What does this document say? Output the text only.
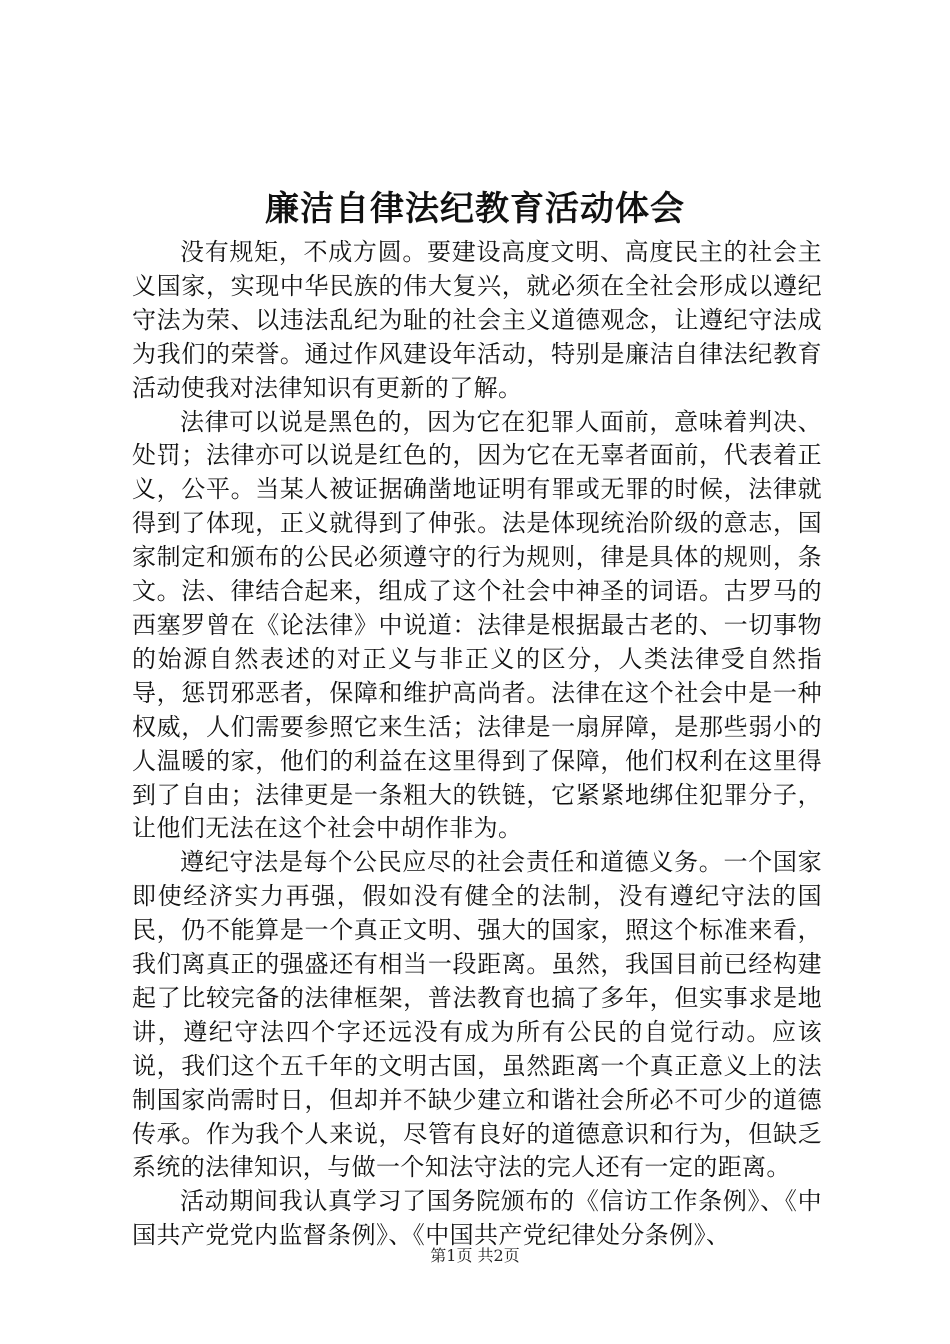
廉洁自律法纪教育活动体会

没有规矩，不成方圆。要建设高度文明、高度民主的社会主义国家，实现中华民族的伟大复兴，就必须在全社会形成以遵纪守法为荣、以违法乱纪为耻的社会主义道德观念，让遵纪守法成为我们的荣誉。通过作风建设年活动，特别是廉洁自律法纪教育活动使我对法律知识有更新的了解。

法律可以说是黑色的，因为它在犯罪人面前，意味着判决、处罚；法律亦可以说是红色的，因为它在无辜者面前，代表着正义，公平。当某人被证据确凿地证明有罪或无罪的时候，法律就得到了体现，正义就得到了伸张。法是体现统治阶级的意志，国家制定和颁布的公民必须遵守的行为规则，律是具体的规则，条文。法、律结合起来，组成了这个社会中神圣的词语。古罗马的西塞罗曾在《论法律》中说道：法律是根据最古老的、一切事物的始源自然表述的对正义与非正义的区分，人类法律受自然指导，惩罚邪恶者，保障和维护高尚者。法律在这个社会中是一种权威，人们需要参照它来生活；法律是一扇屏障，是那些弱小的人温暖的家，他们的利益在这里得到了保障，他们权利在这里得到了自由；法律更是一条粗大的铁链，它紧紧地绑住犯罪分子，让他们无法在这个社会中胡作非为。

遵纪守法是每个公民应尽的社会责任和道德义务。一个国家即使经济实力再强，假如没有健全的法制，没有遵纪守法的国民，仍不能算是一个真正文明、强大的国家，照这个标准来看，我们离真正的强盛还有相当一段距离。虽然，我国目前已经构建起了比较完备的法律框架，普法教育也搞了多年，但实事求是地讲，遵纪守法四个字还远没有成为所有公民的自觉行动。应该说，我们这个五千年的文明古国，虽然距离一个真正意义上的法制国家尚需时日，但却并不缺少建立和谐社会所必不可少的道德传承。作为我个人来说，尽管有良好的道德意识和行为，但缺乏系统的法律知识，与做一个知法守法的完人还有一定的距离。

活动期间我认真学习了国务院颁布的《信访工作条例》、《中国共产党党内监督条例》、《中国共产党纪律处分条例》、

第1页 共2页
